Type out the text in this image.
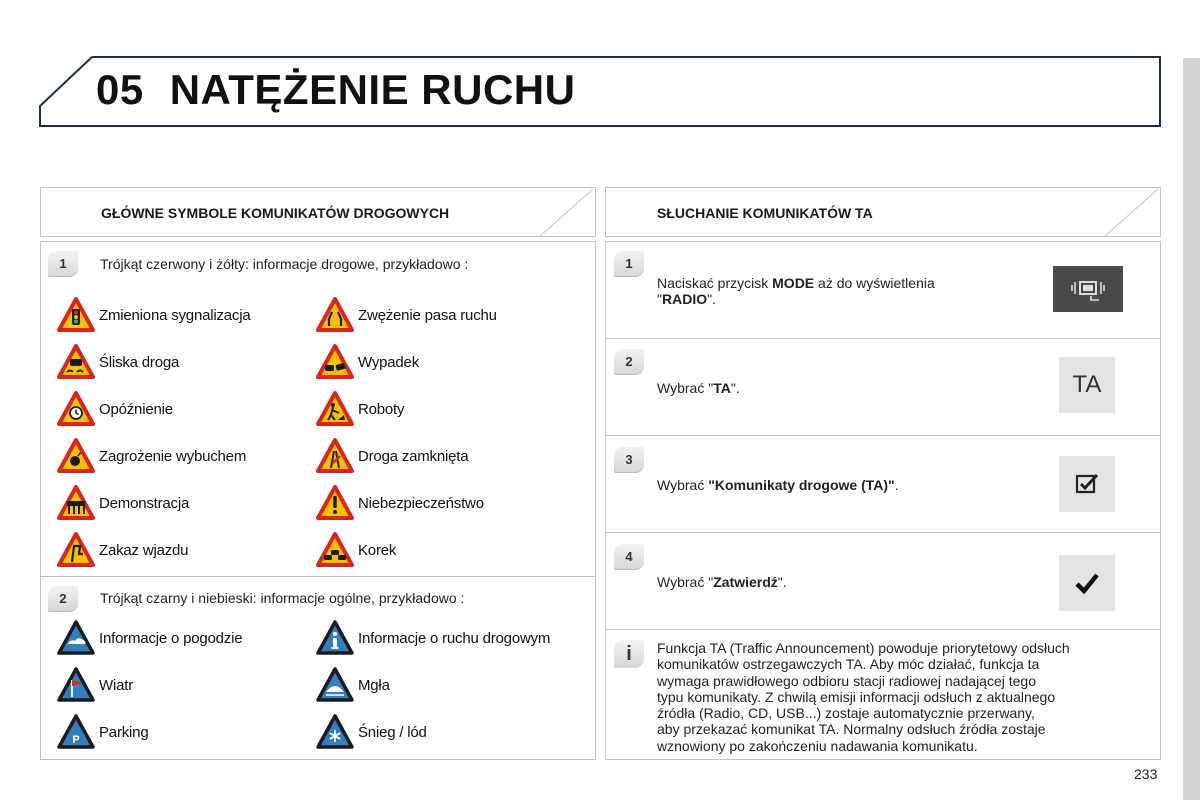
05 NATĘŻENIE RUCHU
GŁÓWNE SYMBOLE KOMUNIKATÓW DROGOWYCH
1	Trójkąt czerwony i żółty: informacje drogowe, przykładowo :
Zmieniona sygnalizacja	Zwężenie pasa ruchu
Śliska droga	Wypadek
Opóźnienie	Roboty
Zagrożenie wybuchem	Droga zamknięta
Demonstracja	Niebezpieczeństwo
Zakaz wjazdu	Korek
2	Trójkąt czarny i niebieski: informacje ogólne, przykładowo :
Informacje o pogodzie	Informacje o ruchu drogowym
Wiatr	Mgła
P Parking	Śnieg / lód
SŁUCHANIE KOMUNIKATÓW TA
1
Naciskać przycisk MODE aż do wyświetlenia
"RADIO".
2
Wybrać "TA".	TA
3
Wybrać "Komunikaty drogowe (TA)".
4
Wybrać "Zatwierdź".
i	Funkcja TA (Traffic Announcement) powoduje priorytetowy odsłuch
komunikatów ostrzegawczych TA. Aby móc działać, funkcja ta
wymaga prawidłowego odbioru stacji radiowej nadającej tego
typu komunikaty. Z chwilą emisji informacji odsłuch z aktualnego
źródła (Radio, CD, USB...) zostaje automatycznie przerwany,
aby przekazać komunikat TA. Normalny odsłuch źródła zostaje
wznowiony po zakończeniu nadawania komunikatu.
233
